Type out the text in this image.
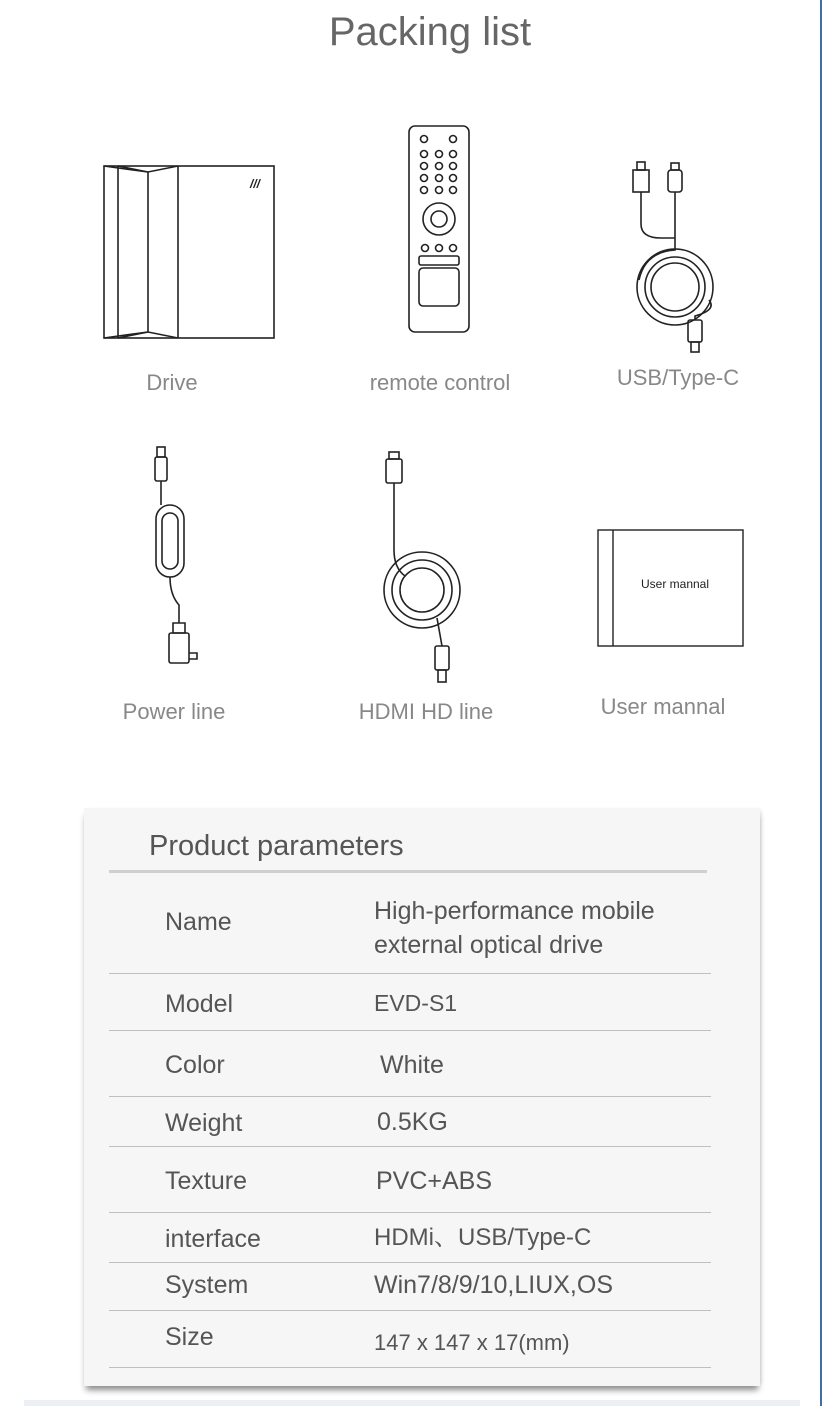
Packing list
///
Drive	remote control	USB/Type-C
Power line	HDMI HD line
User mannal
User mannal
Product parameters
Name	High-performance mobile
external optical drive
Model	EVD-S1
Color	White
Weight	0.5KG
Texture	PVC+ABS
interface	HDMi、USB/Type-C
System	Win7/8/9/10,LIUX,OS
Size	147 x 147 x 17(mm)
